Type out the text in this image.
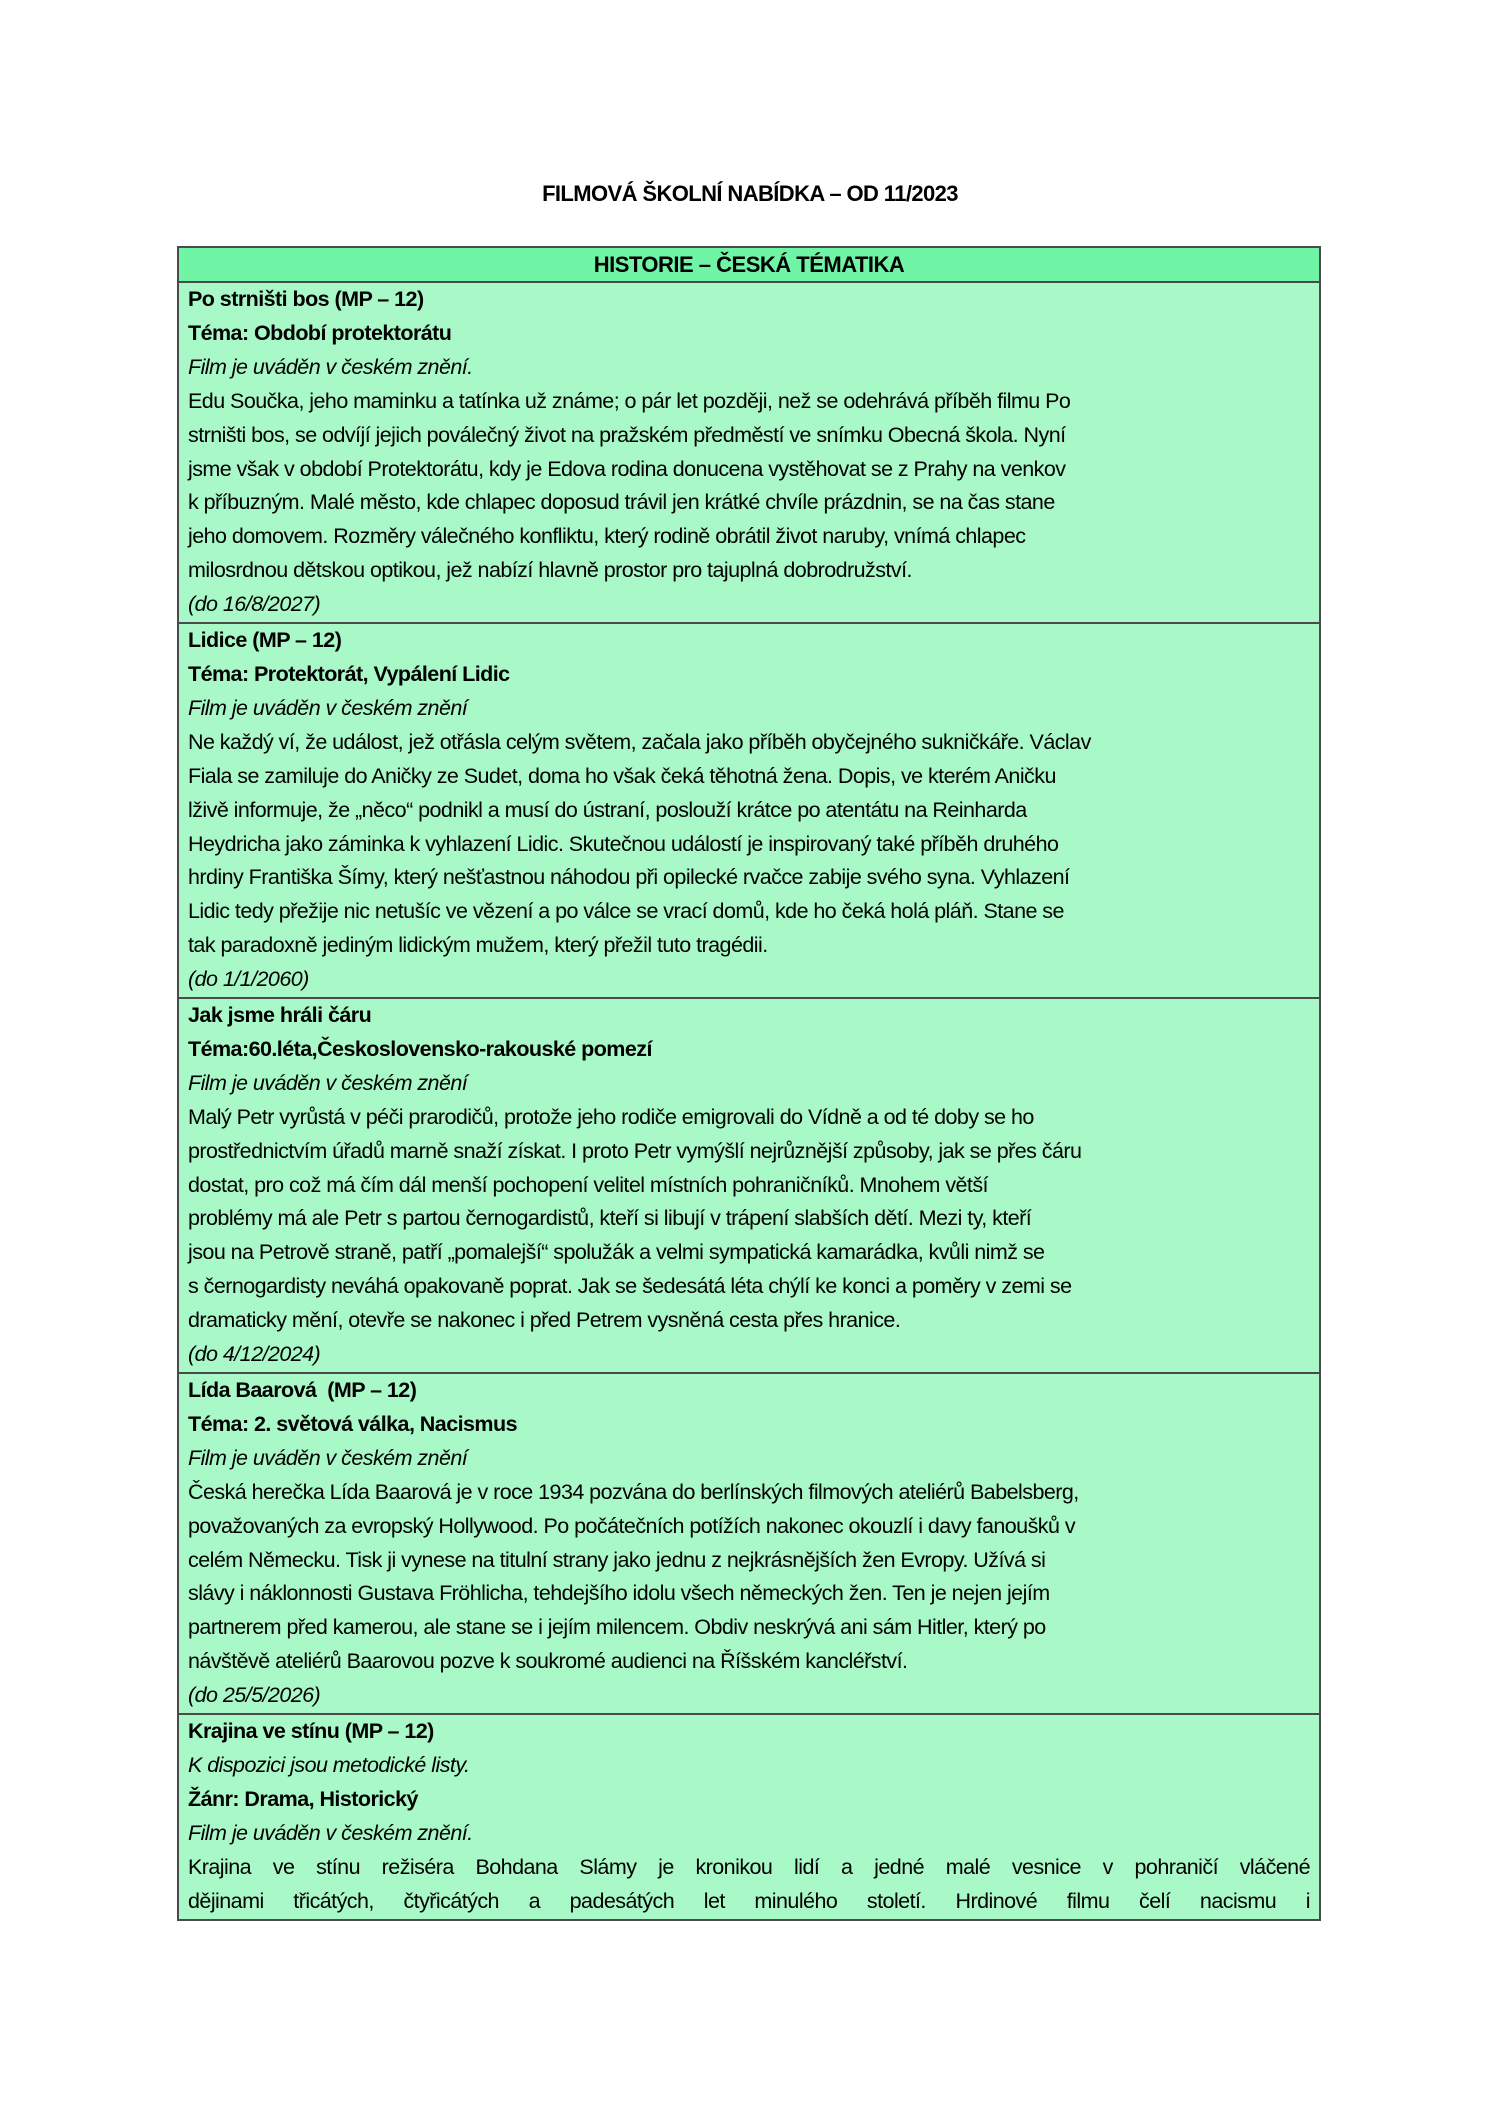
FILMOVÁ ŠKOLNÍ NABÍDKA – OD 11/2023
HISTORIE – ČESKÁ TÉMATIKA

Po strništi bos (MP – 12)
Téma: Období protektorátu
Film je uváděn v českém znění.
Edu Součka, jeho maminku a tatínka už známe; o pár let později, než se odehrává příběh filmu Po
strništi bos, se odvíjí jejich poválečný život na pražském předměstí ve snímku Obecná škola. Nyní
jsme však v období Protektorátu, kdy je Edova rodina donucena vystěhovat se z Prahy na venkov
k příbuzným. Malé město, kde chlapec doposud trávil jen krátké chvíle prázdnin, se na čas stane
jeho domovem. Rozměry válečného konfliktu, který rodině obrátil život naruby, vnímá chlapec
milosrdnou dětskou optikou, jež nabízí hlavně prostor pro tajuplná dobrodružství.
(do 16/8/2027)

Lidice (MP – 12)
Téma: Protektorát, Vypálení Lidic
Film je uváděn v českém znění
Ne každý ví, že událost, jež otřásla celým světem, začala jako příběh obyčejného sukničkáře. Václav
Fiala se zamiluje do Aničky ze Sudet, doma ho však čeká těhotná žena. Dopis, ve kterém Aničku
lživě informuje, že „něco“ podnikl a musí do ústraní, poslouží krátce po atentátu na Reinharda
Heydricha jako záminka k vyhlazení Lidic. Skutečnou událostí je inspirovaný také příběh druhého
hrdiny Františka Šímy, který nešťastnou náhodou při opilecké rvačce zabije svého syna. Vyhlazení
Lidic tedy přežije nic netušíc ve vězení a po válce se vrací domů, kde ho čeká holá pláň. Stane se
tak paradoxně jediným lidickým mužem, který přežil tuto tragédii.
(do 1/1/2060)

Jak jsme hráli čáru
Téma:60.léta,Československo-rakouské pomezí
Film je uváděn v českém znění
Malý Petr vyrůstá v péči prarodičů, protože jeho rodiče emigrovali do Vídně a od té doby se ho
prostřednictvím úřadů marně snaží získat. I proto Petr vymýšlí nejrůznější způsoby, jak se přes čáru
dostat, pro což má čím dál menší pochopení velitel místních pohraničníků. Mnohem větší
problémy má ale Petr s partou černogardistů, kteří si libují v trápení slabších dětí. Mezi ty, kteří
jsou na Petrově straně, patří „pomalejší“ spolužák a velmi sympatická kamarádka, kvůli nimž se
s černogardisty neváhá opakovaně poprat. Jak se šedesátá léta chýlí ke konci a poměry v zemi se
dramaticky mění, otevře se nakonec i před Petrem vysněná cesta přes hranice.
(do 4/12/2024)

Lída Baarová  (MP – 12)
Téma: 2. světová válka, Nacismus
Film je uváděn v českém znění
Česká herečka Lída Baarová je v roce 1934 pozvána do berlínských filmových ateliérů Babelsberg,
považovaných za evropský Hollywood. Po počátečních potížích nakonec okouzlí i davy fanoušků v
celém Německu. Tisk ji vynese na titulní strany jako jednu z nejkrásnějších žen Evropy. Užívá si
slávy i náklonnosti Gustava Fröhlicha, tehdejšího idolu všech německých žen. Ten je nejen jejím
partnerem před kamerou, ale stane se i jejím milencem. Obdiv neskrývá ani sám Hitler, který po
návštěvě ateliérů Baarovou pozve k soukromé audienci na Říšském kancléřství.
(do 25/5/2026)

Krajina ve stínu (MP – 12)
K dispozici jsou metodické listy.
Žánr: Drama, Historický
Film je uváděn v českém znění.
Krajina ve stínu režiséra Bohdana Slámy je kronikou lidí a jedné malé vesnice v pohraničí vláčené
dějinami třicátých, čtyřicátých a padesátých let minulého století. Hrdinové filmu čelí nacismu i
